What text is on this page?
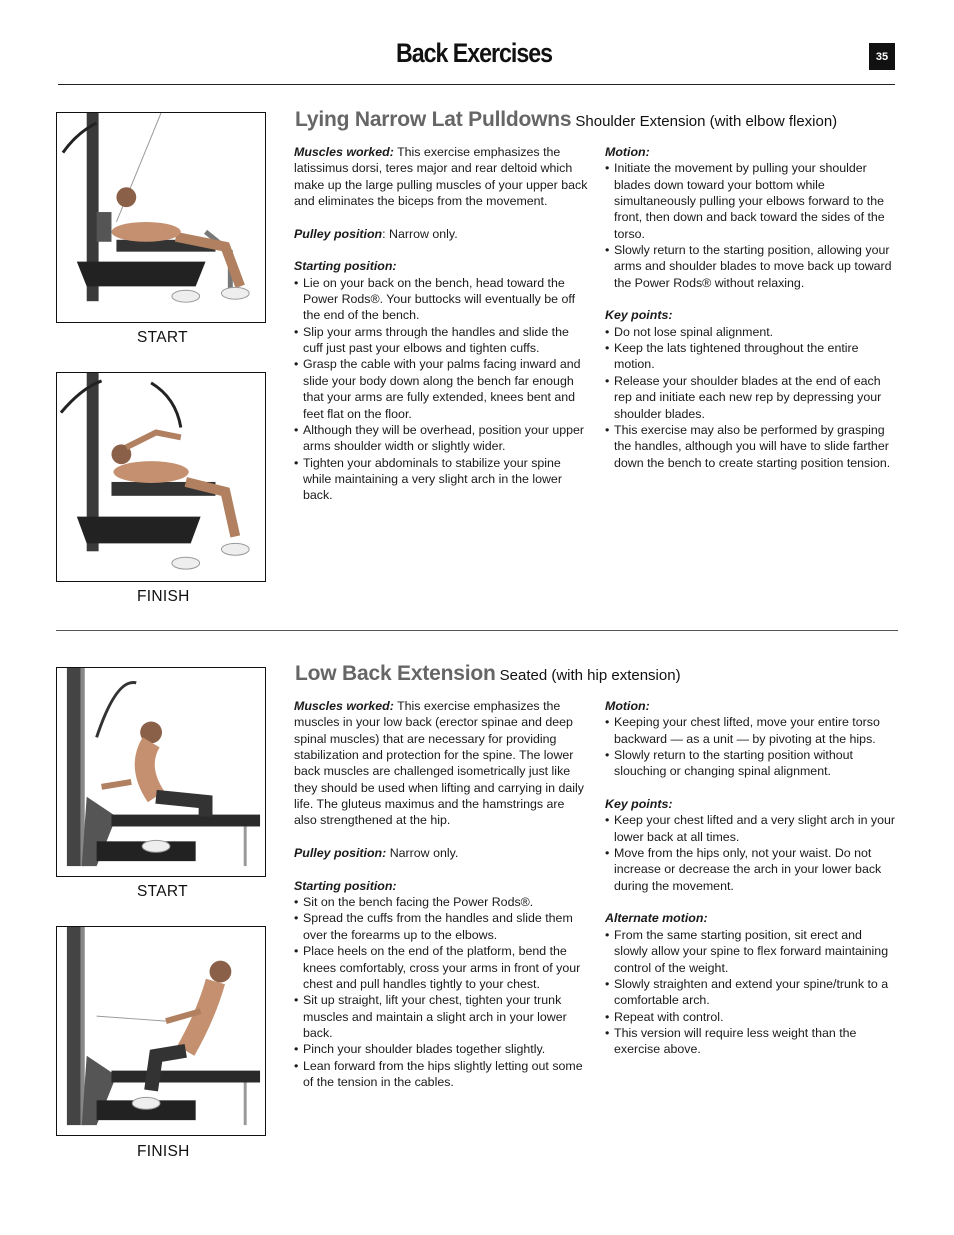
Back Exercises	35
START
FINISH
Lying Narrow Lat Pulldowns Shoulder Extension (with elbow flexion)

Muscles worked: This exercise emphasizes the latissimus dorsi, teres major and rear deltoid which make up the large pulling muscles of your upper back and eliminates the biceps from the movement.

Pulley position: Narrow only.

Starting position:
• Lie on your back on the bench, head toward the Power Rods®. Your buttocks will eventually be off the end of the bench.
• Slip your arms through the handles and slide the cuff just past your elbows and tighten cuffs.
• Grasp the cable with your palms facing inward and slide your body down along the bench far enough that your arms are fully extended, knees bent and feet flat on the floor.
• Although they will be overhead, position your upper arms shoulder width or slightly wider.
• Tighten your abdominals to stabilize your spine while maintaining a very slight arch in the lower back.
Motion:
• Initiate the movement by pulling your shoulder blades down toward your bottom while simultaneously pulling your elbows forward to the front, then down and back toward the sides of the torso.
• Slowly return to the starting position, allowing your arms and shoulder blades to move back up toward the Power Rods® without relaxing.
Key points:
• Do not lose spinal alignment.
• Keep the lats tightened throughout the entire motion.
• Release your shoulder blades at the end of each rep and initiate each new rep by depressing your shoulder blades.
• This exercise may also be performed by grasping the handles, although you will have to slide farther down the bench to create starting position tension.
START
FINISH
Low Back Extension Seated (with hip extension)

Muscles worked: This exercise emphasizes the muscles in your low back (erector spinae and deep spinal muscles) that are necessary for providing stabilization and protection for the spine. The lower back muscles are challenged isometrically just like they should be used when lifting and carrying in daily life. The gluteus maximus and the hamstrings are also strengthened at the hip.

Pulley position: Narrow only.

Starting position:
• Sit on the bench facing the Power Rods®.
• Spread the cuffs from the handles and slide them over the forearms up to the elbows.
• Place heels on the end of the platform, bend the knees comfortably, cross your arms in front of your chest and pull handles tightly to your chest.
• Sit up straight, lift your chest, tighten your trunk muscles and maintain a slight arch in your lower back.
• Pinch your shoulder blades together slightly.
• Lean forward from the hips slightly letting out some of the tension in the cables.
Motion:
• Keeping your chest lifted, move your entire torso backward — as a unit — by pivoting at the hips.
• Slowly return to the starting position without slouching or changing spinal alignment.
Key points:
• Keep your chest lifted and a very slight arch in your lower back at all times.
• Move from the hips only, not your waist. Do not increase or decrease the arch in your lower back during the movement.
Alternate motion:
• From the same starting position, sit erect and slowly allow your spine to flex forward maintaining control of the weight.
• Slowly straighten and extend your spine/trunk to a comfortable arch.
• Repeat with control.
• This version will require less weight than the exercise above.
